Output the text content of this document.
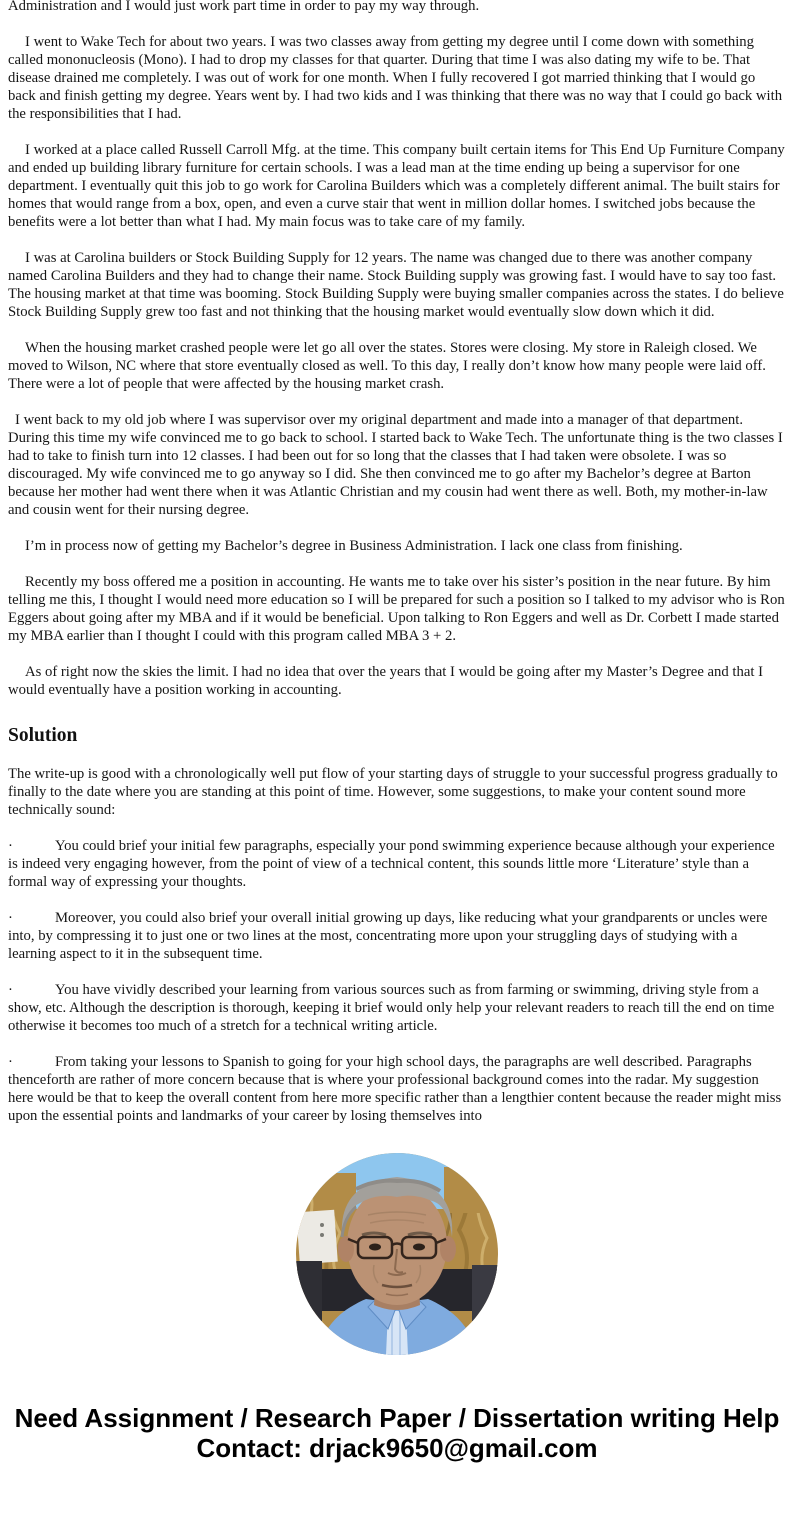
Administration and I would just work part time in order to pay my way through.

I went to Wake Tech for about two years. I was two classes away from getting my degree until I come down with something called mononucleosis (Mono). I had to drop my classes for that quarter. During that time I was also dating my wife to be. That disease drained me completely. I was out of work for one month. When I fully recovered I got married thinking that I would go back and finish getting my degree. Years went by. I had two kids and I was thinking that there was no way that I could go back with the responsibilities that I had.

I worked at a place called Russell Carroll Mfg. at the time. This company built certain items for This End Up Furniture Company and ended up building library furniture for certain schools. I was a lead man at the time ending up being a supervisor for one department. I eventually quit this job to go work for Carolina Builders which was a completely different animal. The built stairs for homes that would range from a box, open, and even a curve stair that went in million dollar homes. I switched jobs because the benefits were a lot better than what I had. My main focus was to take care of my family.

I was at Carolina builders or Stock Building Supply for 12 years. The name was changed due to there was another company named Carolina Builders and they had to change their name. Stock Building supply was growing fast. I would have to say too fast. The housing market at that time was booming. Stock Building Supply were buying smaller companies across the states. I do believe Stock Building Supply grew too fast and not thinking that the housing market would eventually slow down which it did.

When the housing market crashed people were let go all over the states. Stores were closing. My store in Raleigh closed. We moved to Wilson, NC where that store eventually closed as well. To this day, I really don’t know how many people were laid off. There were a lot of people that were affected by the housing market crash.

I went back to my old job where I was supervisor over my original department and made into a manager of that department. During this time my wife convinced me to go back to school. I started back to Wake Tech. The unfortunate thing is the two classes I had to take to finish turn into 12 classes. I had been out for so long that the classes that I had taken were obsolete. I was so discouraged. My wife convinced me to go anyway so I did. She then convinced me to go after my Bachelor’s degree at Barton because her mother had went there when it was Atlantic Christian and my cousin had went there as well. Both, my mother-in-law and cousin went for their nursing degree.

I’m in process now of getting my Bachelor’s degree in Business Administration. I lack one class from finishing.

Recently my boss offered me a position in accounting. He wants me to take over his sister’s position in the near future. By him telling me this, I thought I would need more education so I will be prepared for such a position so I talked to my advisor who is Ron Eggers about going after my MBA and if it would be beneficial. Upon talking to Ron Eggers and well as Dr. Corbett I made started my MBA earlier than I thought I could with this program called MBA 3 + 2.

As of right now the skies the limit. I had no idea that over the years that I would be going after my Master’s Degree and that I would eventually have a position working in accounting.

Solution

The write-up is good with a chronologically well put flow of your starting days of struggle to your successful progress gradually to finally to the date where you are standing at this point of time. However, some suggestions, to make your content sound more technically sound:

·	You could brief your initial few paragraphs, especially your pond swimming experience because although your experience is indeed very engaging however, from the point of view of a technical content, this sounds little more ‘Literature’ style than a formal way of expressing your thoughts.

·	Moreover, you could also brief your overall initial growing up days, like reducing what your grandparents or uncles were into, by compressing it to just one or two lines at the most, concentrating more upon your struggling days of studying with a learning aspect to it in the subsequent time.

·	You have vividly described your learning from various sources such as from farming or swimming, driving style from a show, etc. Although the description is thorough, keeping it brief would only help your relevant readers to reach till the end on time otherwise it becomes too much of a stretch for a technical writing article.

·	From taking your lessons to Spanish to going for your high school days, the paragraphs are well described. Paragraphs thenceforth are rather of more concern because that is where your professional background comes into the radar. My suggestion here would be that to keep the overall content from here more specific rather than a lengthier content because the reader might miss upon the essential points and landmarks of your career by losing themselves into

Need Assignment / Research Paper / Dissertation writing Help
Contact: drjack9650@gmail.com
